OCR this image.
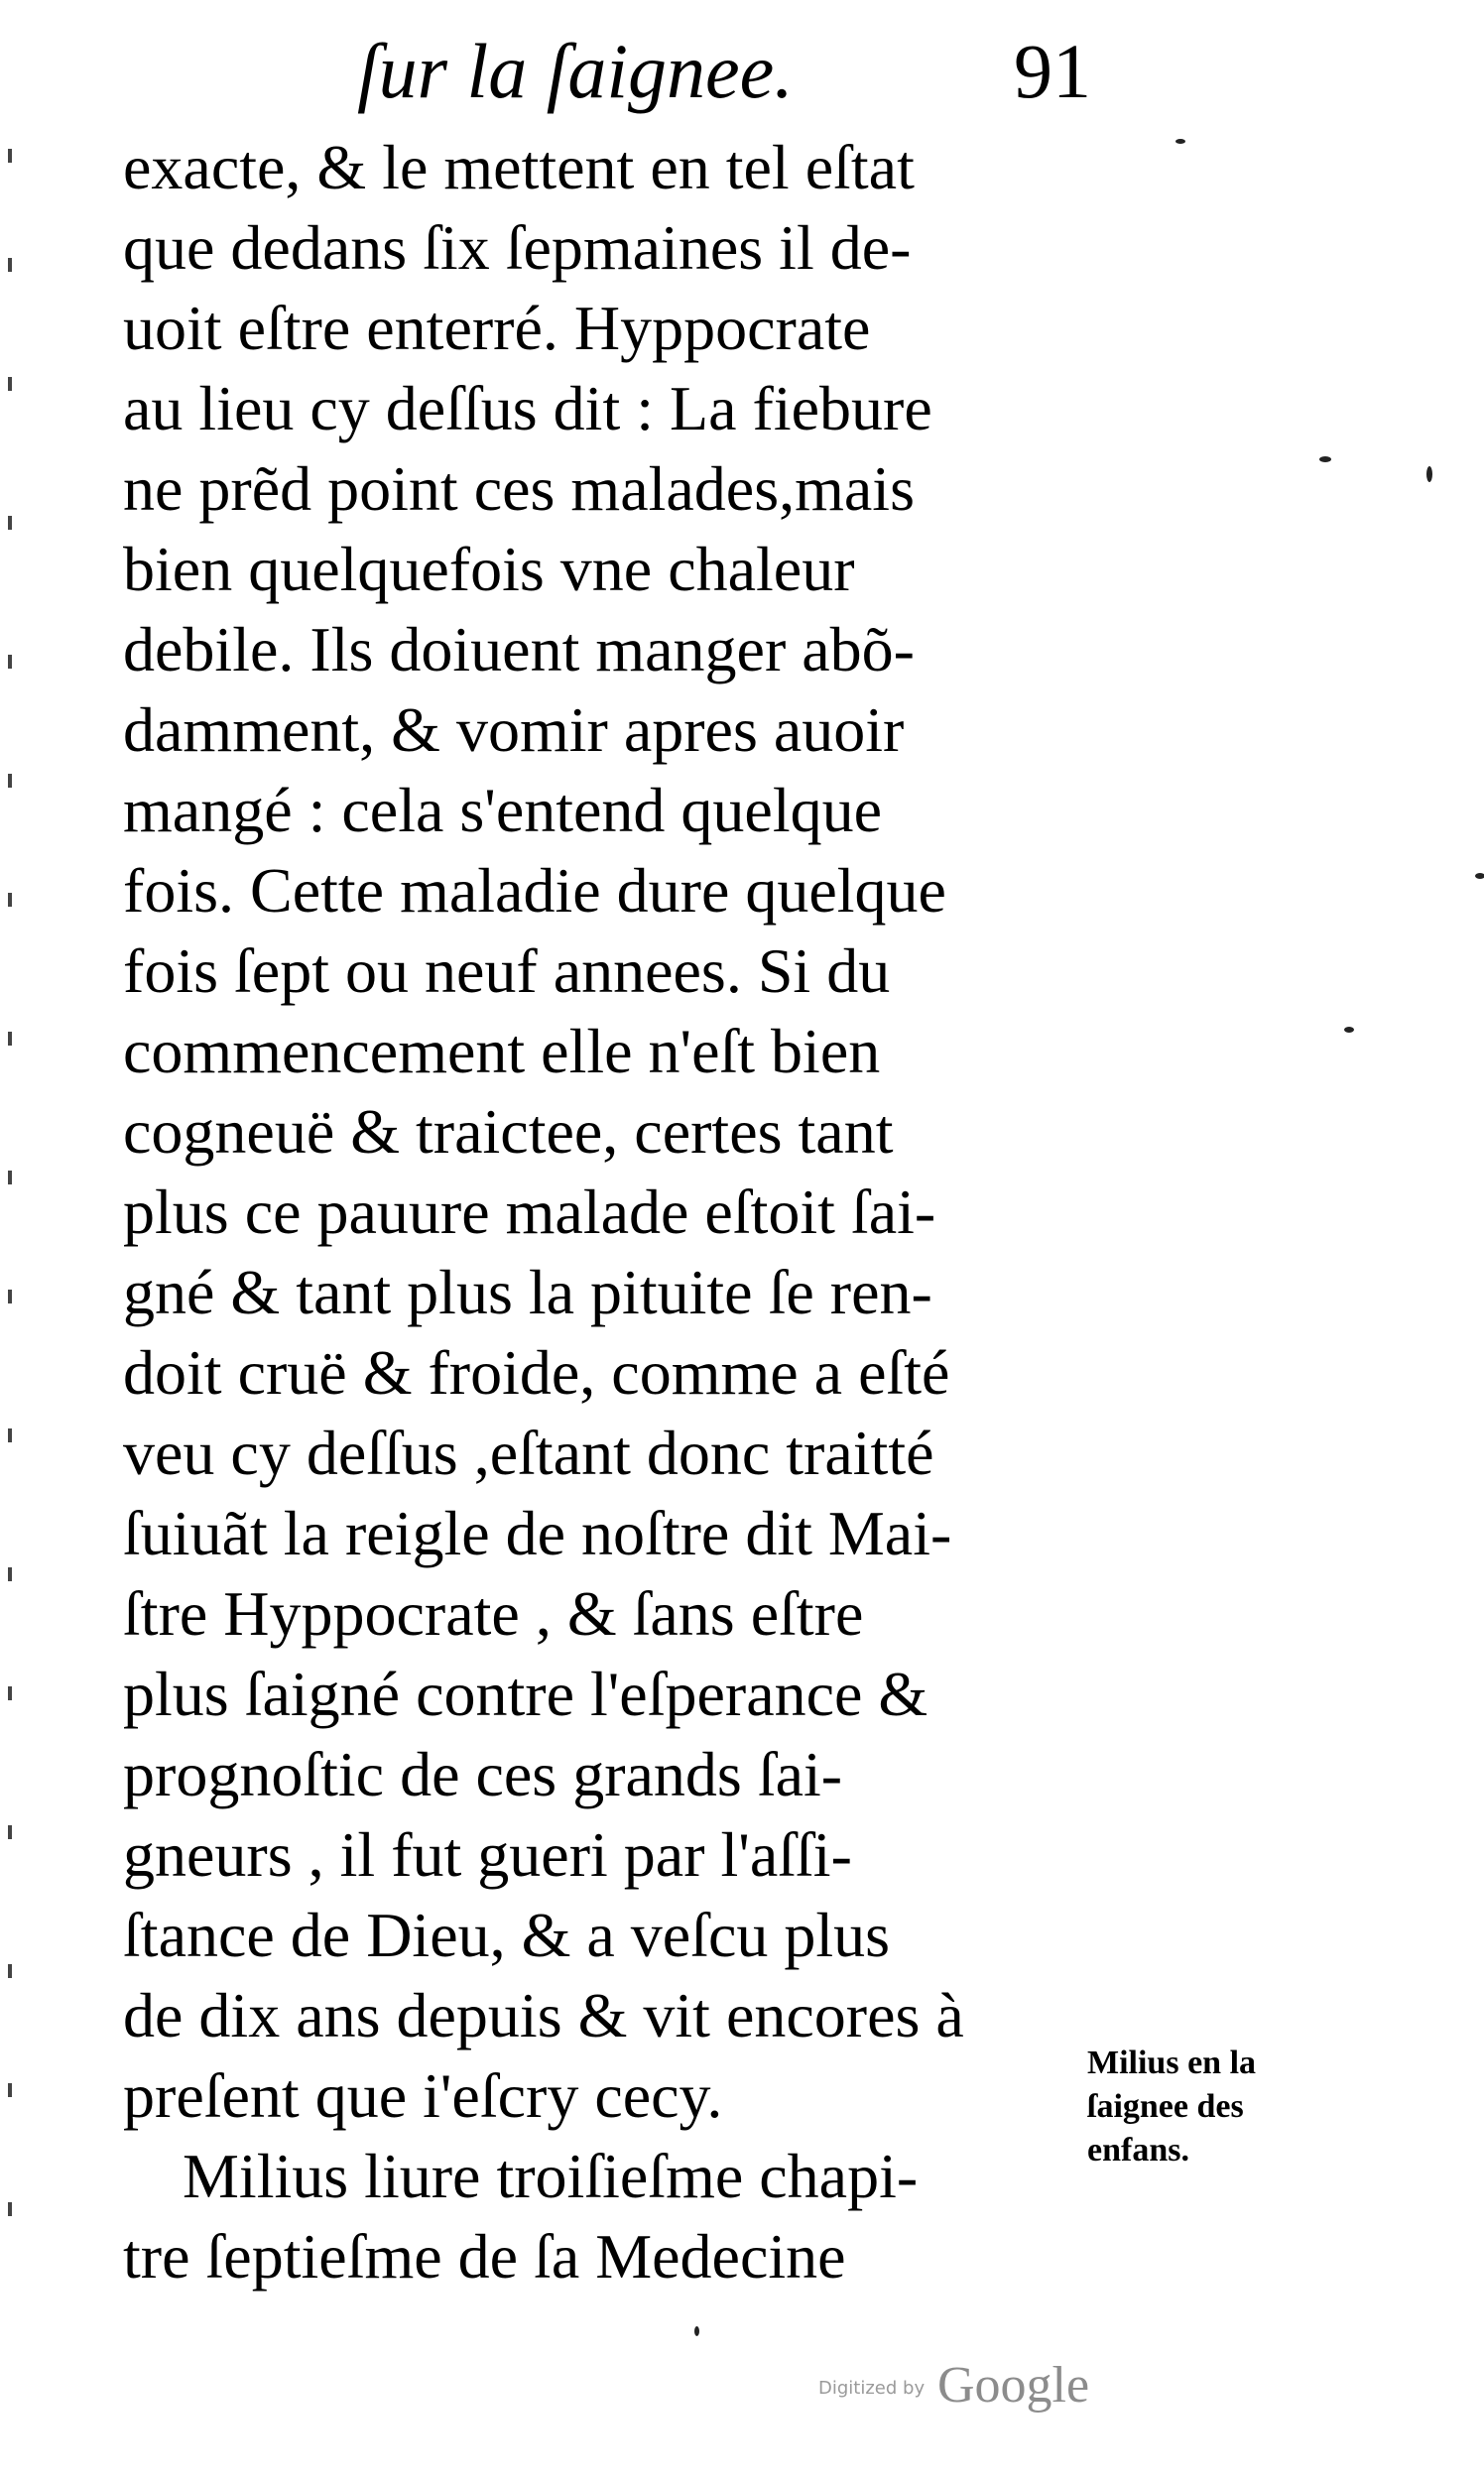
ſur la ſaignee.	91
exacte, & le mettent en tel eſtat
que dedans ſix ſepmaines il de-
uoit eſtre enterré. Hyppocrate
au lieu cy deſſus dit : La fiebure
ne prẽd point ces malades,mais
bien quelquefois vne chaleur
debile. Ils doiuent manger abõ-
damment, & vomir apres auoir
mangé : cela s'entend quelque
fois. Cette maladie dure quelque
fois ſept ou neuf annees. Si du
commencement elle n'eſt bien
cogneuë & traictee, certes tant
plus ce pauure malade eſtoit ſai-
gné & tant plus la pituite ſe ren-
doit cruë & froide, comme a eſté
veu cy deſſus ,eſtant donc traitté
ſuiuãt la reigle de noſtre dit Mai-
ſtre Hyppocrate , & ſans eſtre
plus ſaigné contre l'eſperance &
prognoſtic de ces grands ſai-
gneurs , il fut gueri par l'aſſi-
ſtance de Dieu, & a veſcu plus
de dix ans depuis & vit encores à
preſent que i'eſcry cecy.
Milius liure troiſieſme chapi-
tre ſeptieſme de ſa Medecine
Milius en la
ſaignee des
enfans.
Digitized by Google
